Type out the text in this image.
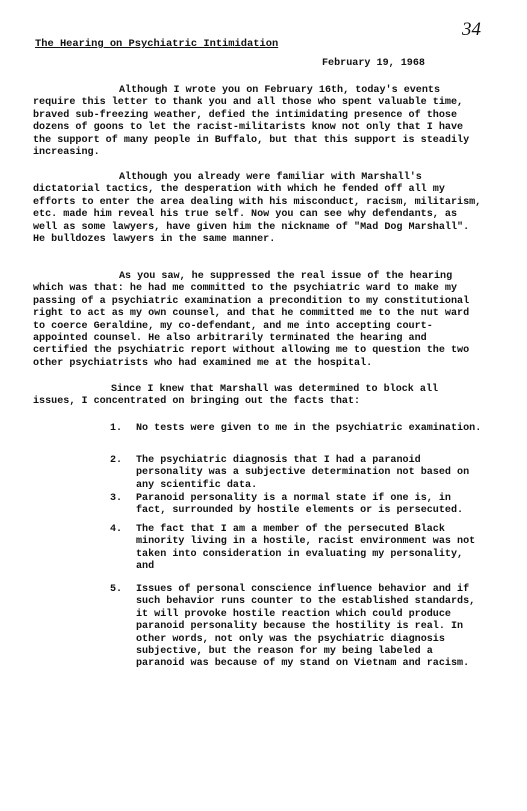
34
The Hearing on Psychiatric Intimidation
February 19, 1968

Although I wrote you on February 16th, today's events require this letter to thank you and all those who spent valuable time, braved sub-freezing weather, defied the intimidating presence of those dozens of goons to let the racist-militarists know not only that I have the support of many people in Buffalo, but that this support is steadily increasing.

Although you already were familiar with Marshall's dictatorial tactics, the desperation with which he fended off all my efforts to enter the area dealing with his misconduct, racism, militarism, etc. made him reveal his true self. Now you can see why defendants, as well as some lawyers, have given him the nickname of "Mad Dog Marshall". He bulldozes lawyers in the same manner.

As you saw, he suppressed the real issue of the hearing which was that: he had me committed to the psychiatric ward to make my passing of a psychiatric examination a precondition to my constitutional right to act as my own counsel, and that he committed me to the nut ward to coerce Geraldine, my co-defendant, and me into accepting court-appointed counsel. He also arbitrarily terminated the hearing and certified the psychiatric report without allowing me to question the two other psychiatrists who had examined me at the hospital.

Since I knew that Marshall was determined to block all issues, I concentrated on bringing out the facts that:

1.	No tests were given to me in the psychiatric examination.
2.	The psychiatric diagnosis that I had a paranoid personality was a subjective determination not based on any scientific data.
3.	Paranoid personality is a normal state if one is, in fact, surrounded by hostile elements or is persecuted.
4.	The fact that I am a member of the persecuted Black minority living in a hostile, racist environment was not taken into consideration in evaluating my personality, and
5.	Issues of personal conscience influence behavior and if such behavior runs counter to the established standards, it will provoke hostile reaction which could produce paranoid personality because the hostility is real. In other words, not only was the psychiatric diagnosis subjective, but the reason for my being labeled a paranoid was because of my stand on Vietnam and racism.
